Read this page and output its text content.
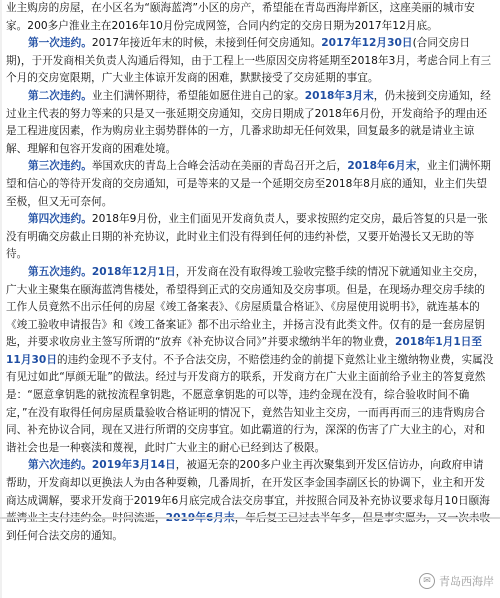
业主购房的房屋，在小区名为“颐海蓝湾”小区的房产，希望能在青岛西海岸新区，这座美丽的城市安家。200多户淮业主在2016年10月份完成网签，合同内约定的交房日期为2017年12月底。

第一次违约。2017年接近年末的时候，未接到任何交房通知。2017年12月30日(合同交房日期)，于开发商相关负责人沟通后得知，由于工程上一些原因交房将延期至2018年3月，考虑合同上有三个月的交房宽限期，广大业主体谅开发商的困难，默默接受了交房延期的事宜。

第二次违约。业主们满怀期待，希望能如愿住进自己的家。2018年3月末，仍未接到交房通知，经过业主代表的努力等来的只是又一张延期交房通知，交房日期成了2018年6月份，开发商给予的理由还是工程进度因素，作为购房业主弱势群体的一方，几番求助却无任何效果，回复最多的就是请业主谅解、理解和包容开发商的困难处境。

第三次违约。举国欢庆的青岛上合峰会活动在美丽的青岛召开之后，2018年6月末，业主们满怀期望和信心的等待开发商的交房通知，可是等来的又是一个延期交房至2018年8月底的通知，业主们失望至极，但又无可奈何。

第四次违约。2018年9月份，业主们面见开发商负责人，要求按照约定交房，最后答复的只是一张没有明确交房截止日期的补充协议，此时业主们没有得到任何的违约补偿，又要开始漫长又无助的等待。

第五次违约。2018年12月1日，开发商在没有取得竣工验收完整手续的情况下就通知业主交房，广大业主聚集在颐海蓝湾售楼处，希望得到正式的交房通知及交房事项。但是，在现场办理交房手续的工作人员竟然不出示任何的房屋《竣工备案表》、《房屋质量合格证》、《房屋使用说明书》，就连基本的《竣工验收申请报告》和《竣工备案证》都不出示给业主，并扬言没有此类文件。仅有的是一套房屋钥匙，并要求收房业主签写所谓的“放弃《补充协议合同》”并要求缴纳半年的物业费，2018年1月1日至11月30日的违约金现不予支付。不予合法交房，不赔偿违约金的前提下竟然让业主缴纳物业费，实属没有见过如此“厚颜无耻”的做法。经过与开发商方的联系，开发商方在广大业主面前给予业主的答复竟然是：“愿意拿钥匙的就按流程拿钥匙，不愿意拿钥匙的可以等，违约金现在没有，综合验收时间不确定，”在没有取得任何房屋质量验收合格证明的情况下，竟然告知业主交房，一而再再而三的违背购房合同、补充协议合同，现在又进行所谓的交房事宜。如此霸道的行为，深深的伤害了广大业主的心，对和谐社会也是一种亵渎和蔑视，此时广大业主的耐心已经到达了极限。

第六次违约。2019年3月14日，被逼无奈的200多户业主再次聚集到开发区信访办，向政府申请帮助，开发商却以更换法人为由各种耍赖，几番周折，在开发区李金国李副区长的协调下，业主和开发商达成调解，要求开发商于2019年6月底完成合法交房事宜，并按照合同及补充协议要求每月10日颐海  到任何合法交房的通知。

✉ 青岛西海岸
